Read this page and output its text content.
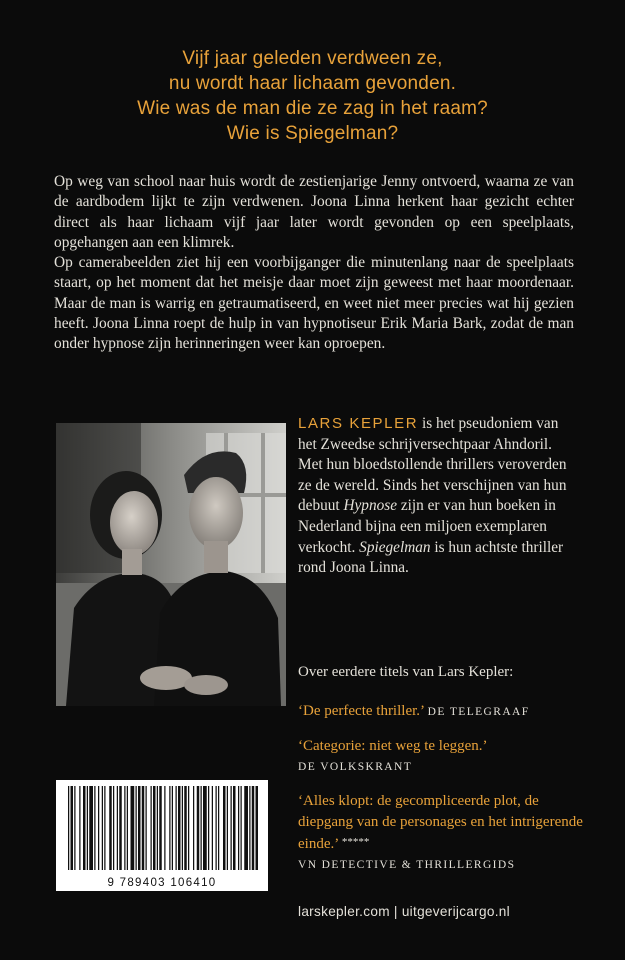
Vijf jaar geleden verdween ze,
nu wordt haar lichaam gevonden.
Wie was de man die ze zag in het raam?
Wie is Spiegelman?

Op weg van school naar huis wordt de zestienjarige Jenny ontvoerd, waarna ze van de aardbodem lijkt te zijn verdwenen. Joona Linna herkent haar gezicht echter direct als haar lichaam vijf jaar later wordt gevonden op een speelplaats, opgehangen aan een klimrek.

Op camerabeelden ziet hij een voorbijganger die minutenlang naar de speelplaats staart, op het moment dat het meisje daar moet zijn geweest met haar moordenaar. Maar de man is warrig en getraumatiseerd, en weet niet meer precies wat hij gezien heeft. Joona Linna roept de hulp in van hypnotiseur Erik Maria Bark, zodat de man onder hypnose zijn herinneringen weer kan oproepen.

LARS KEPLER is het pseudoniem van het Zweedse schrijversechtpaar Ahndoril. Met hun bloedstollende thrillers veroverden ze de wereld. Sinds het verschijnen van hun debuut Hypnose zijn er van hun boeken in Nederland bijna een miljoen exemplaren verkocht. Spiegelman is hun achtste thriller rond Joona Linna.

Over eerdere titels van Lars Kepler:

‘De perfecte thriller.’ DE TELEGRAAF
‘Categorie: niet weg te leggen.’
DE VOLKSKRANT
‘Alles klopt: de gecompliceerde plot, de diepgang van de personages en het intrigerende einde.’ *****
VN DETECTIVE & THRILLERGIDS
9 789403 106410
larskepler.com | uitgeverijcargo.nl
